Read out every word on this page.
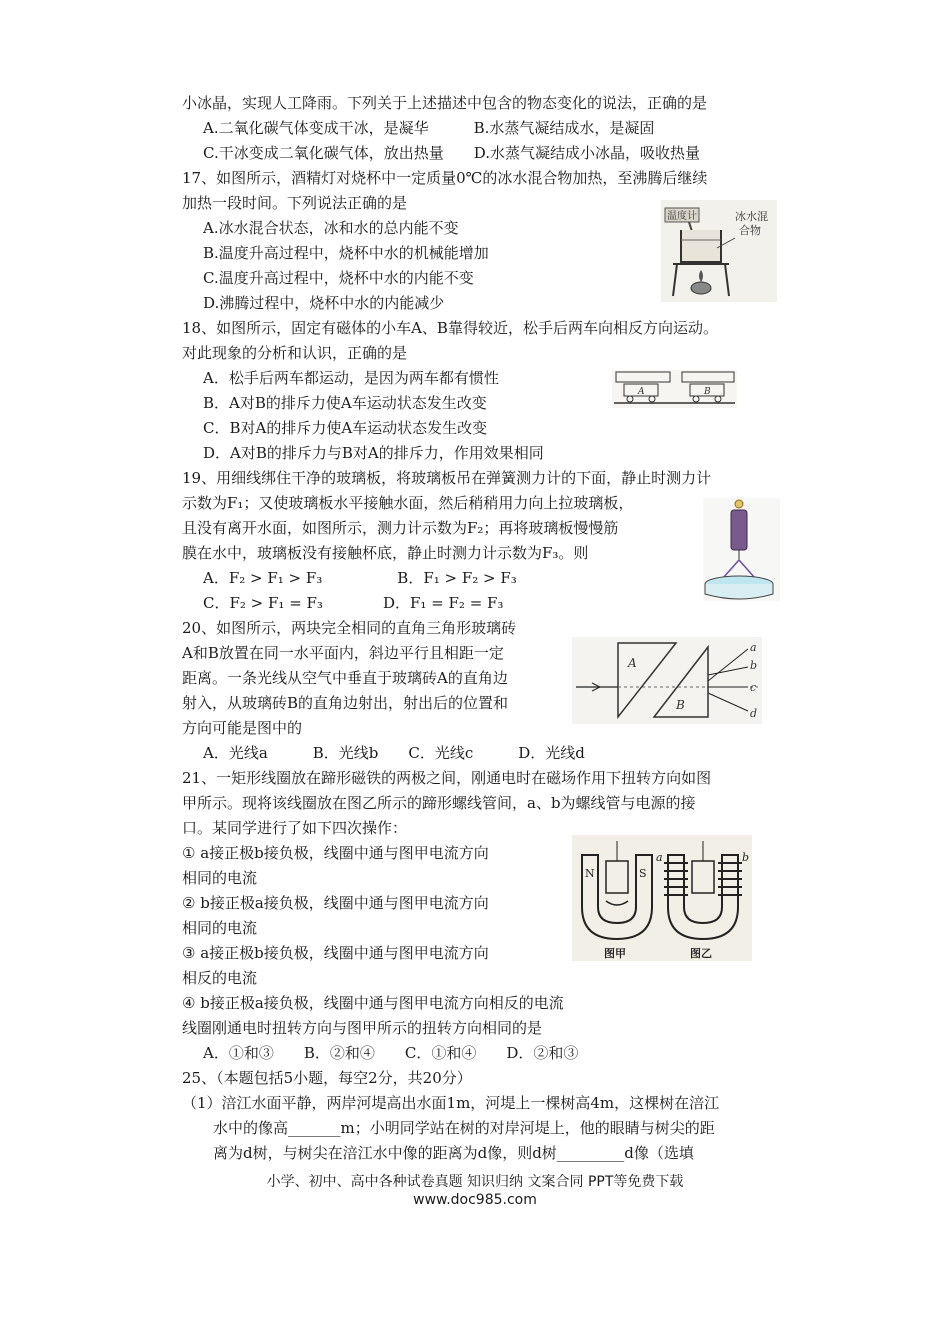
小冰晶，实现人工降雨。下列关于上述描述中包含的物态变化的说法，正确的是
A.二氧化碳气体变成干冰，是凝华　　　B.水蒸气凝结成水，是凝固
C.干冰变成二氧化碳气体，放出热量　　D.水蒸气凝结成小冰晶，吸收热量
17、如图所示，酒精灯对烧杯中一定质量0℃的冰水混合物加热，至沸腾后继续
加热一段时间。下列说法正确的是
A.冰水混合状态，冰和水的总内能不变
B.温度升高过程中，烧杯中水的机械能增加
C.温度升高过程中，烧杯中水的内能不变
D.沸腾过程中，烧杯中水的内能减少
18、如图所示，固定有磁体的小车A、B靠得较近，松手后两车向相反方向运动。
对此现象的分析和认识，正确的是
A．松手后两车都运动，是因为两车都有惯性
B．A对B的排斥力使A车运动状态发生改变
C．B对A的排斥力使A车运动状态发生改变
D．A对B的排斥力与B对A的排斥力，作用效果相同
19、用细线绑住干净的玻璃板，将玻璃板吊在弹簧测力计的下面，静止时测力计
示数为F₁；又使玻璃板水平接触水面，然后稍稍用力向上拉玻璃板，
且没有离开水面，如图所示，测力计示数为F₂；再将玻璃板慢慢筋
膜在水中，玻璃板没有接触杯底，静止时测力计示数为F₃。则
A．F₂ > F₁ > F₃　　　　　B．F₁ > F₂ > F₃
C．F₂ > F₁ = F₃　　　　D．F₁ = F₂ = F₃
20、如图所示，两块完全相同的直角三角形玻璃砖
A和B放置在同一水平面内，斜边平行且相距一定
距离。一条光线从空气中垂直于玻璃砖A的直角边
射入，从玻璃砖B的直角边射出，射出后的位置和
方向可能是图中的
A．光线a　　　B．光线b　　C．光线c　　　D．光线d
21、一矩形线圈放在蹄形磁铁的两极之间，刚通电时在磁场作用下扭转方向如图
甲所示。现将该线圈放在图乙所示的蹄形螺线管间，a、b为螺线管与电源的接
口。某同学进行了如下四次操作：
① a接正极b接负极，线圈中通与图甲电流方向
相同的电流
② b接正极a接负极，线圈中通与图甲电流方向
相同的电流
③ a接正极b接负极，线圈中通与图甲电流方向
相反的电流
④ b接正极a接负极，线圈中通与图甲电流方向相反的电流
线圈刚通电时扭转方向与图甲所示的扭转方向相同的是
A．①和③　　B．②和④　　C．①和④　　D．②和③
25、（本题包括5小题，每空2分，共20分）
（1）涪江水面平静，两岸河堤高出水面1m，河堤上一棵树高4m，这棵树在涪江
水中的像高_______m；小明同学站在树的对岸河堤上，他的眼睛与树尖的距
离为d树，与树尖在涪江水中像的距离为d像，则d树_________d像（选填
温度计	冰水混
合物
A	B
A
B
a
b
c
d
N	S
图甲
a	b
图乙
小学、初中、高中各种试卷真题 知识归纳 文案合同 PPT等免费下载
www.doc985.com
